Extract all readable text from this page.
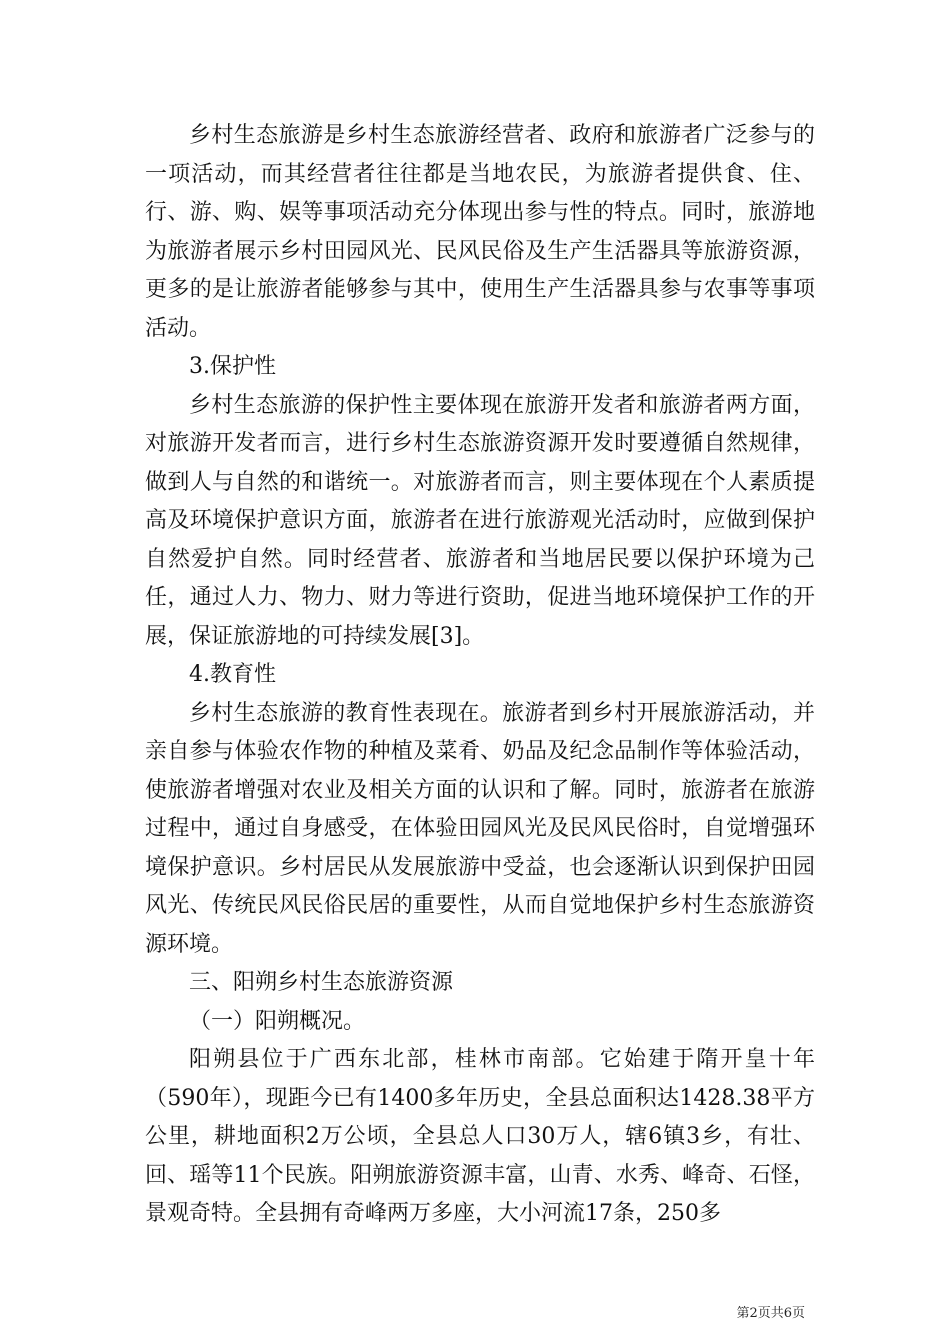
乡村生态旅游是乡村生态旅游经营者、政府和旅游者广泛参与的一项活动，而其经营者往往都是当地农民，为旅游者提供食、住、行、游、购、娱等事项活动充分体现出参与性的特点。同时，旅游地为旅游者展示乡村田园风光、民风民俗及生产生活器具等旅游资源，更多的是让旅游者能够参与其中，使用生产生活器具参与农事等事项活动。

3.保护性

乡村生态旅游的保护性主要体现在旅游开发者和旅游者两方面，对旅游开发者而言，进行乡村生态旅游资源开发时要遵循自然规律，做到人与自然的和谐统一。对旅游者而言，则主要体现在个人素质提高及环境保护意识方面，旅游者在进行旅游观光活动时，应做到保护自然爱护自然。同时经营者、旅游者和当地居民要以保护环境为己任，通过人力、物力、财力等进行资助，促进当地环境保护工作的开展，保证旅游地的可持续发展[3]。

4.教育性

乡村生态旅游的教育性表现在。旅游者到乡村开展旅游活动，并亲自参与体验农作物的种植及菜肴、奶品及纪念品制作等体验活动，使旅游者增强对农业及相关方面的认识和了解。同时，旅游者在旅游过程中，通过自身感受，在体验田园风光及民风民俗时，自觉增强环境保护意识。乡村居民从发展旅游中受益，也会逐渐认识到保护田园风光、传统民风民俗民居的重要性，从而自觉地保护乡村生态旅游资源环境。

三、阳朔乡村生态旅游资源

（一）阳朔概况。

阳朔县位于广西东北部，桂林市南部。它始建于隋开皇十年（590年），现距今已有1400多年历史，全县总面积达1428.38平方公里，耕地面积2万公顷，全县总人口30万人，辖6镇3乡，有壮、回、瑶等11个民族。阳朔旅游资源丰富，山青、水秀、峰奇、石怪，景观奇特。全县拥有奇峰两万多座，大小河流17条，250多

第2页共6页
